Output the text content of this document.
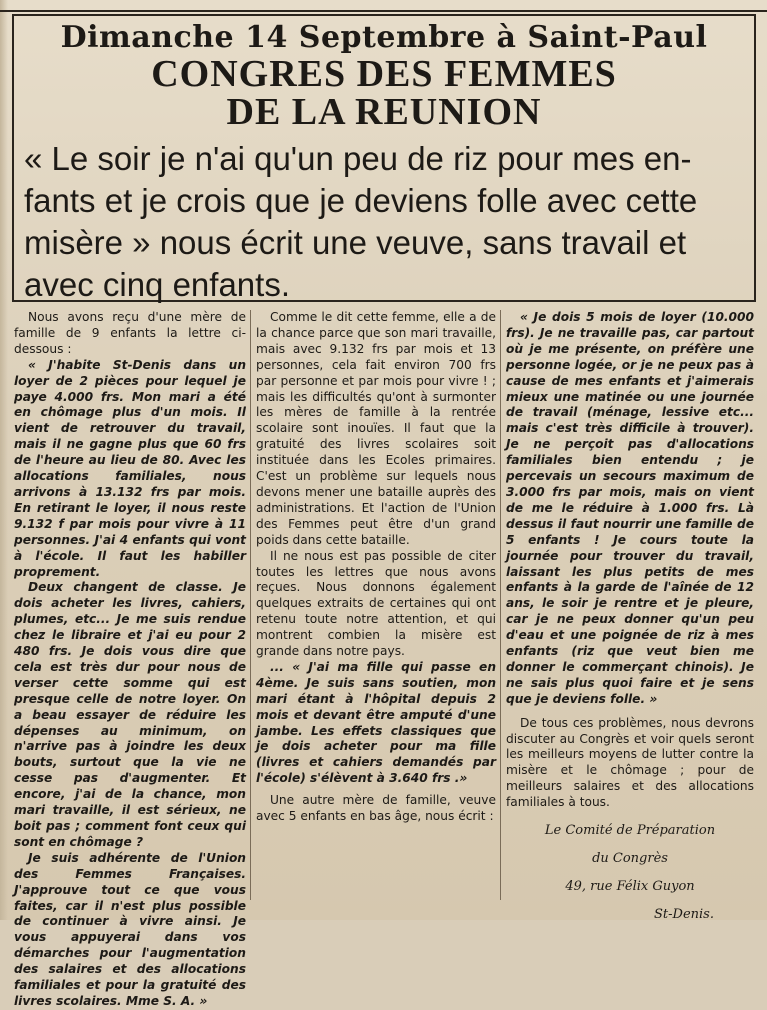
Dimanche 14 Septembre à Saint-Paul
CONGRES DES FEMMES
DE LA REUNION
« Le soir je n'ai qu'un peu de riz pour mes en-
fants et je crois que je deviens folle avec cette
misère » nous écrit une veuve, sans travail et
avec cinq enfants.

Nous avons reçu d'une mère de famille de 9 enfants la lettre ci-dessous :

« J'habite St-Denis dans un loyer de 2 pièces pour lequel je paye 4.000 frs. Mon mari a été en chômage plus d'un mois. Il vient de retrouver du travail, mais il ne gagne plus que 60 frs de l'heure au lieu de 80. Avec les allocations familiales, nous arrivons à 13.132 frs par mois. En retirant le loyer, il nous reste 9.132 f par mois pour vivre à 11 personnes. J'ai 4 enfants qui vont à l'école. Il faut les habiller proprement.

Deux changent de classe. Je dois acheter les livres, cahiers, plumes, etc... Je me suis rendue chez le libraire et j'ai eu pour 2 480 frs. Je dois vous dire que cela est très dur pour nous de verser cette somme qui est presque celle de notre loyer. On a beau essayer de réduire les dépenses au minimum, on n'arrive pas à joindre les deux bouts, surtout que la vie ne cesse pas d'augmenter. Et encore, j'ai de la chance, mon mari travaille, il est sérieux, ne boit pas ; comment font ceux qui sont en chômage ?

Je suis adhérente de l'Union des Femmes Françaises. J'approuve tout ce que vous faites, car il n'est plus possible de continuer à vivre ainsi. Je vous appuyerai dans vos démarches pour l'augmentation des salaires et des allocations familiales et pour la gratuité des livres scolaires. Mme S. A. »

Comme le dit cette femme, elle a de la chance parce que son mari travaille, mais avec 9.132 frs par mois et 13 personnes, cela fait environ 700 frs par personne et par mois pour vivre ! ; mais les difficultés qu'ont à surmonter les mères de famille à la rentrée scolaire sont inouïes. Il faut que la gratuité des livres scolaires soit instituée dans les Ecoles primaires. C'est un problème sur lequels nous devons mener une bataille auprès des administrations. Et l'action de l'Union des Femmes peut être d'un grand poids dans cette bataille.

Il ne nous est pas possible de citer toutes les lettres que nous avons reçues. Nous donnons également quelques extraits de certaines qui ont retenu toute notre attention, et qui montrent combien la misère est grande dans notre pays.

... « J'ai ma fille qui passe en 4ème. Je suis sans soutien, mon mari étant à l'hôpital depuis 2 mois et devant être amputé d'une jambe. Les effets classiques que je dois acheter pour ma fille (livres et cahiers demandés par l'école) s'élèvent à 3.640 frs .»

Une autre mère de famille, veuve avec 5 enfants en bas âge, nous écrit :

« Je dois 5 mois de loyer (10.000 frs). Je ne travaille pas, car partout où je me présente, on préfère une personne logée, or je ne peux pas à cause de mes enfants et j'aimerais mieux une matinée ou une journée de travail (ménage, lessive etc... mais c'est très difficile à trouver). Je ne perçoit pas d'allocations familiales bien entendu ; je percevais un secours maximum de 3.000 frs par mois, mais on vient de me le réduire à 1.000 frs. Là dessus il faut nourrir une famille de 5 enfants ! Je cours toute la journée pour trouver du travail, laissant les plus petits de mes enfants à la garde de l'aînée de 12 ans, le soir je rentre et je pleure, car je ne peux donner qu'un peu d'eau et une poignée de riz à mes enfants (riz que veut bien me donner le commerçant chinois). Je ne sais plus quoi faire et je sens que je deviens folle. »

De tous ces problèmes, nous devrons discuter au Congrès et voir quels seront les meilleurs moyens de lutter contre la misère et le chômage ; pour de meilleurs salaires et des allocations familiales à tous.

Le Comité de Préparation
du Congrès
49, rue Félix Guyon
St-Denis.
